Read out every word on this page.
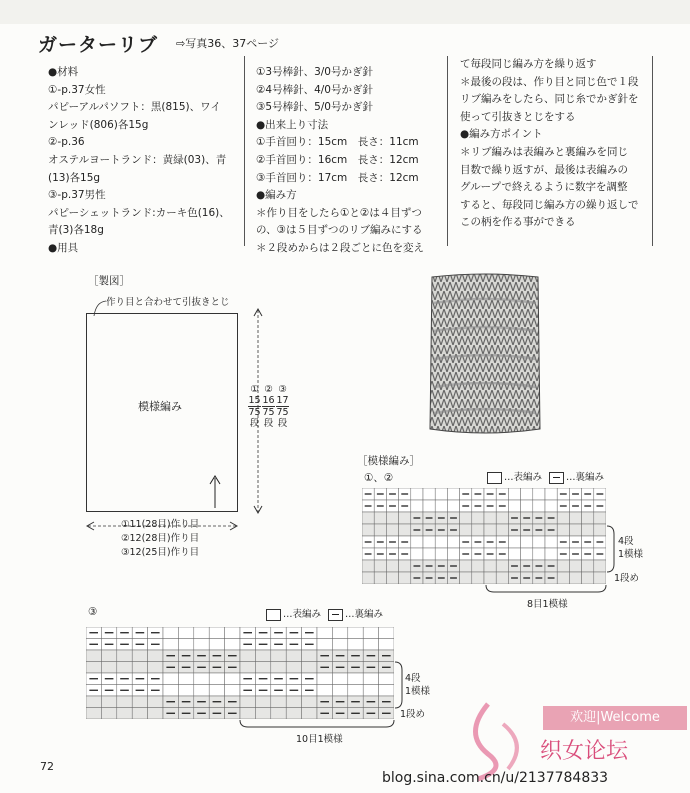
ガーターリブ ⇨写真36、37ページ
●材料
①-p.37女性
パピーアルパソフト：黒(815)、ワイ
ンレッド(806)各15g
②-p.36
オステルヨートランド：黄緑(03)、青
(13)各15g
③-p.37男性
パピーシェットランド:カーキ色(16)、
青(3)各18g
●用具
①3号棒針、3/0号かぎ針
②4号棒針、4/0号かぎ針
③5号棒針、5/0号かぎ針
●出来上り寸法
①手首回り：15cm　長さ：11cm
②手首回り：16cm　長さ：12cm
③手首回り：17cm　長さ：12cm
●編み方
＊作り目をしたら①と②は４目ずつ
の、③は５目ずつのリブ編みにする
＊２段めからは２段ごとに色を変え
て毎段同じ編み方を繰り返す
＊最後の段は、作り目と同じ色で１段
リブ編みをしたら、同じ糸でかぎ針を
使って引抜きとじをする
●編み方ポイント
＊リブ編みは表編みと裏編みを同じ
目数で繰り返すが、最後は表編みの
グループで終えるように数字を調整
すると、毎段同じ編み方の繰り返しで
この柄を作る事ができる
［製図］
作り目と合わせて引抜きとじ
模様編み
①
15
75
段
②
16
75
段
③
17
75
段
①11(28目)作り目
②12(28目)作り目
③12(25目)作り目
［模様編み］
①、②	…表編み	…裏編み
4段
1模様
1段め
8目1模様
③	…表編み	…裏編み
4段
1模様
1段め
10目1模様
72
欢迎|Welcome
织女论坛
blog.sina.com.cn/u/2137784833
